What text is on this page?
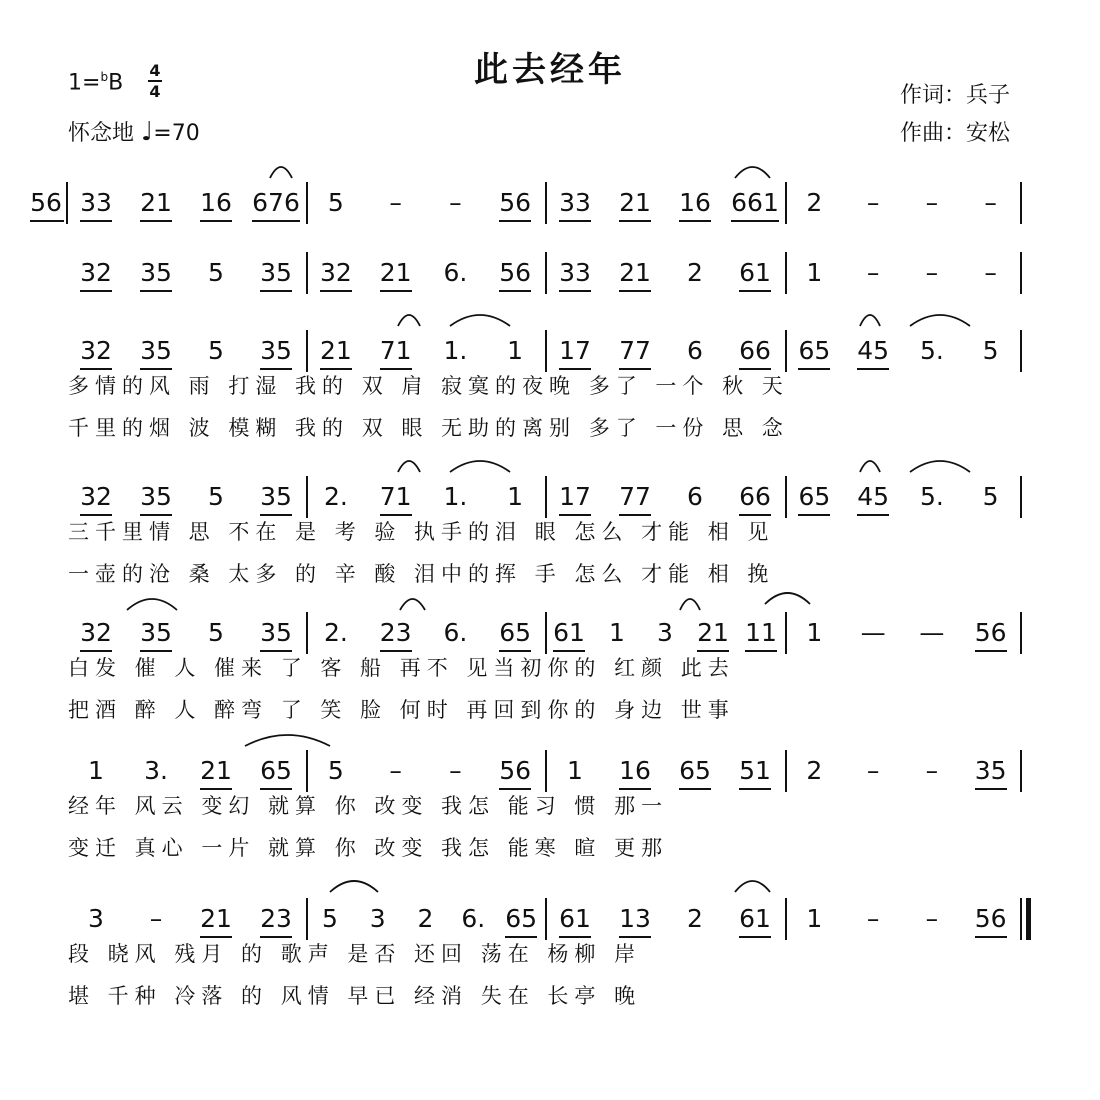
此去经年
1=$^b$B 4
4
怀念地 ♩=70
作词：兵子
作曲：安松
56 33 21 16 676 5 – – 56 33 21 16 661 2 – – –
32 35 5 35 32 21 6. 56 33 21 2 61 1 – – –
32 35 5 35 21 71 1. 1 17 77 6 66 65 45 5. 5
多情的风 雨 打湿 我的 双 肩 寂寞的夜晚 多了 一个 秋 天
千里的烟 波 模糊 我的 双 眼 无助的离别 多了 一份 思 念
32 35 5 35 2. 71 1. 1 17 77 6 66 65 45 5. 5
三千里情 思 不在 是 考 验 执手的泪 眼 怎么 才能 相 见
一壶的沧 桑 太多 的 辛 酸 泪中的挥 手 怎么 才能 相 挽
32 35 5 35 2. 23 6. 65 61 1 3 21 11 1 — — 56
白发 催 人 催来 了 客 船 再不 见当初你的 红颜 此去
把酒 醉 人 醉弯 了 笑 脸 何时 再回到你的 身边 世事
1 3. 21 65 5 – – 56 1 16 65 51 2 – – 35
经年 风云 变幻 就算 你 改变 我怎 能习 惯 那一
变迁 真心 一片 就算 你 改变 我怎 能寒 暄 更那
3 – 21 23 5 3 2 6. 65 61 13 2 61 1 – – 56
段 晓风 残月 的 歌声 是否 还回 荡在 杨柳 岸
堪 千种 冷落 的 风情 早已 经消 失在 长亭 晚
